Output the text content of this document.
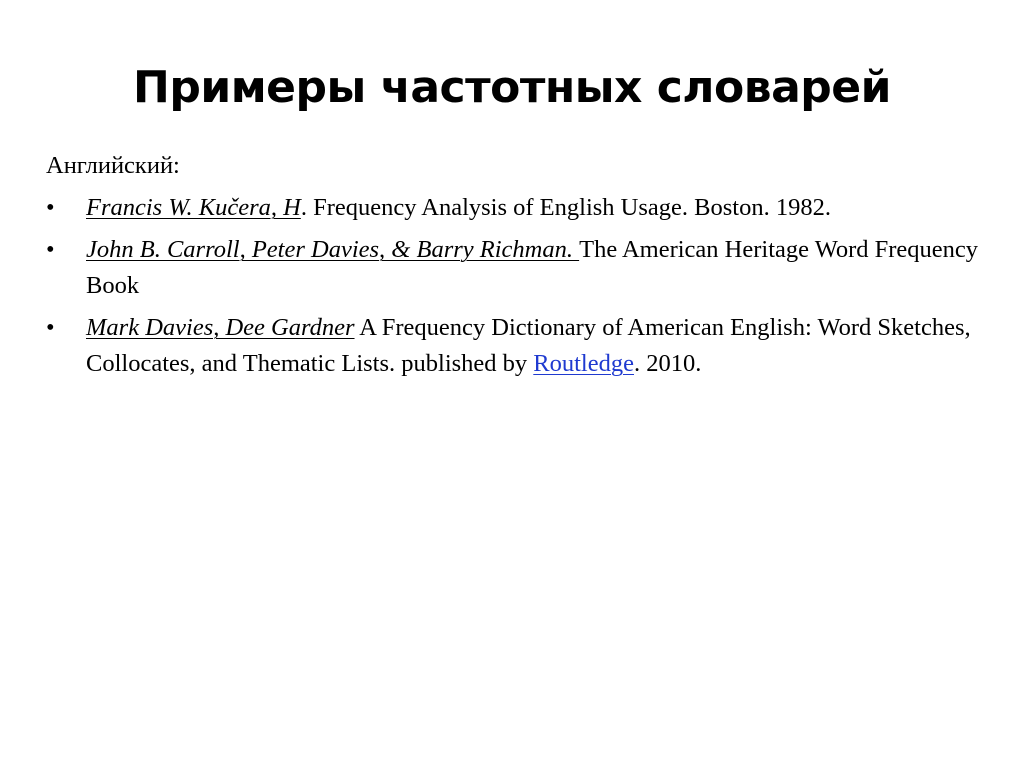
Примеры частотных словарей

Английский:

• Francis W. Kučera, H. Frequency Analysis of English Usage. Boston. 1982.
• John B. Carroll, Peter Davies, & Barry Richman. The American Heritage Word Frequency Book
• Mark Davies, Dee Gardner A Frequency Dictionary of American English: Word Sketches, Collocates, and Thematic Lists. published by Routledge. 2010.
